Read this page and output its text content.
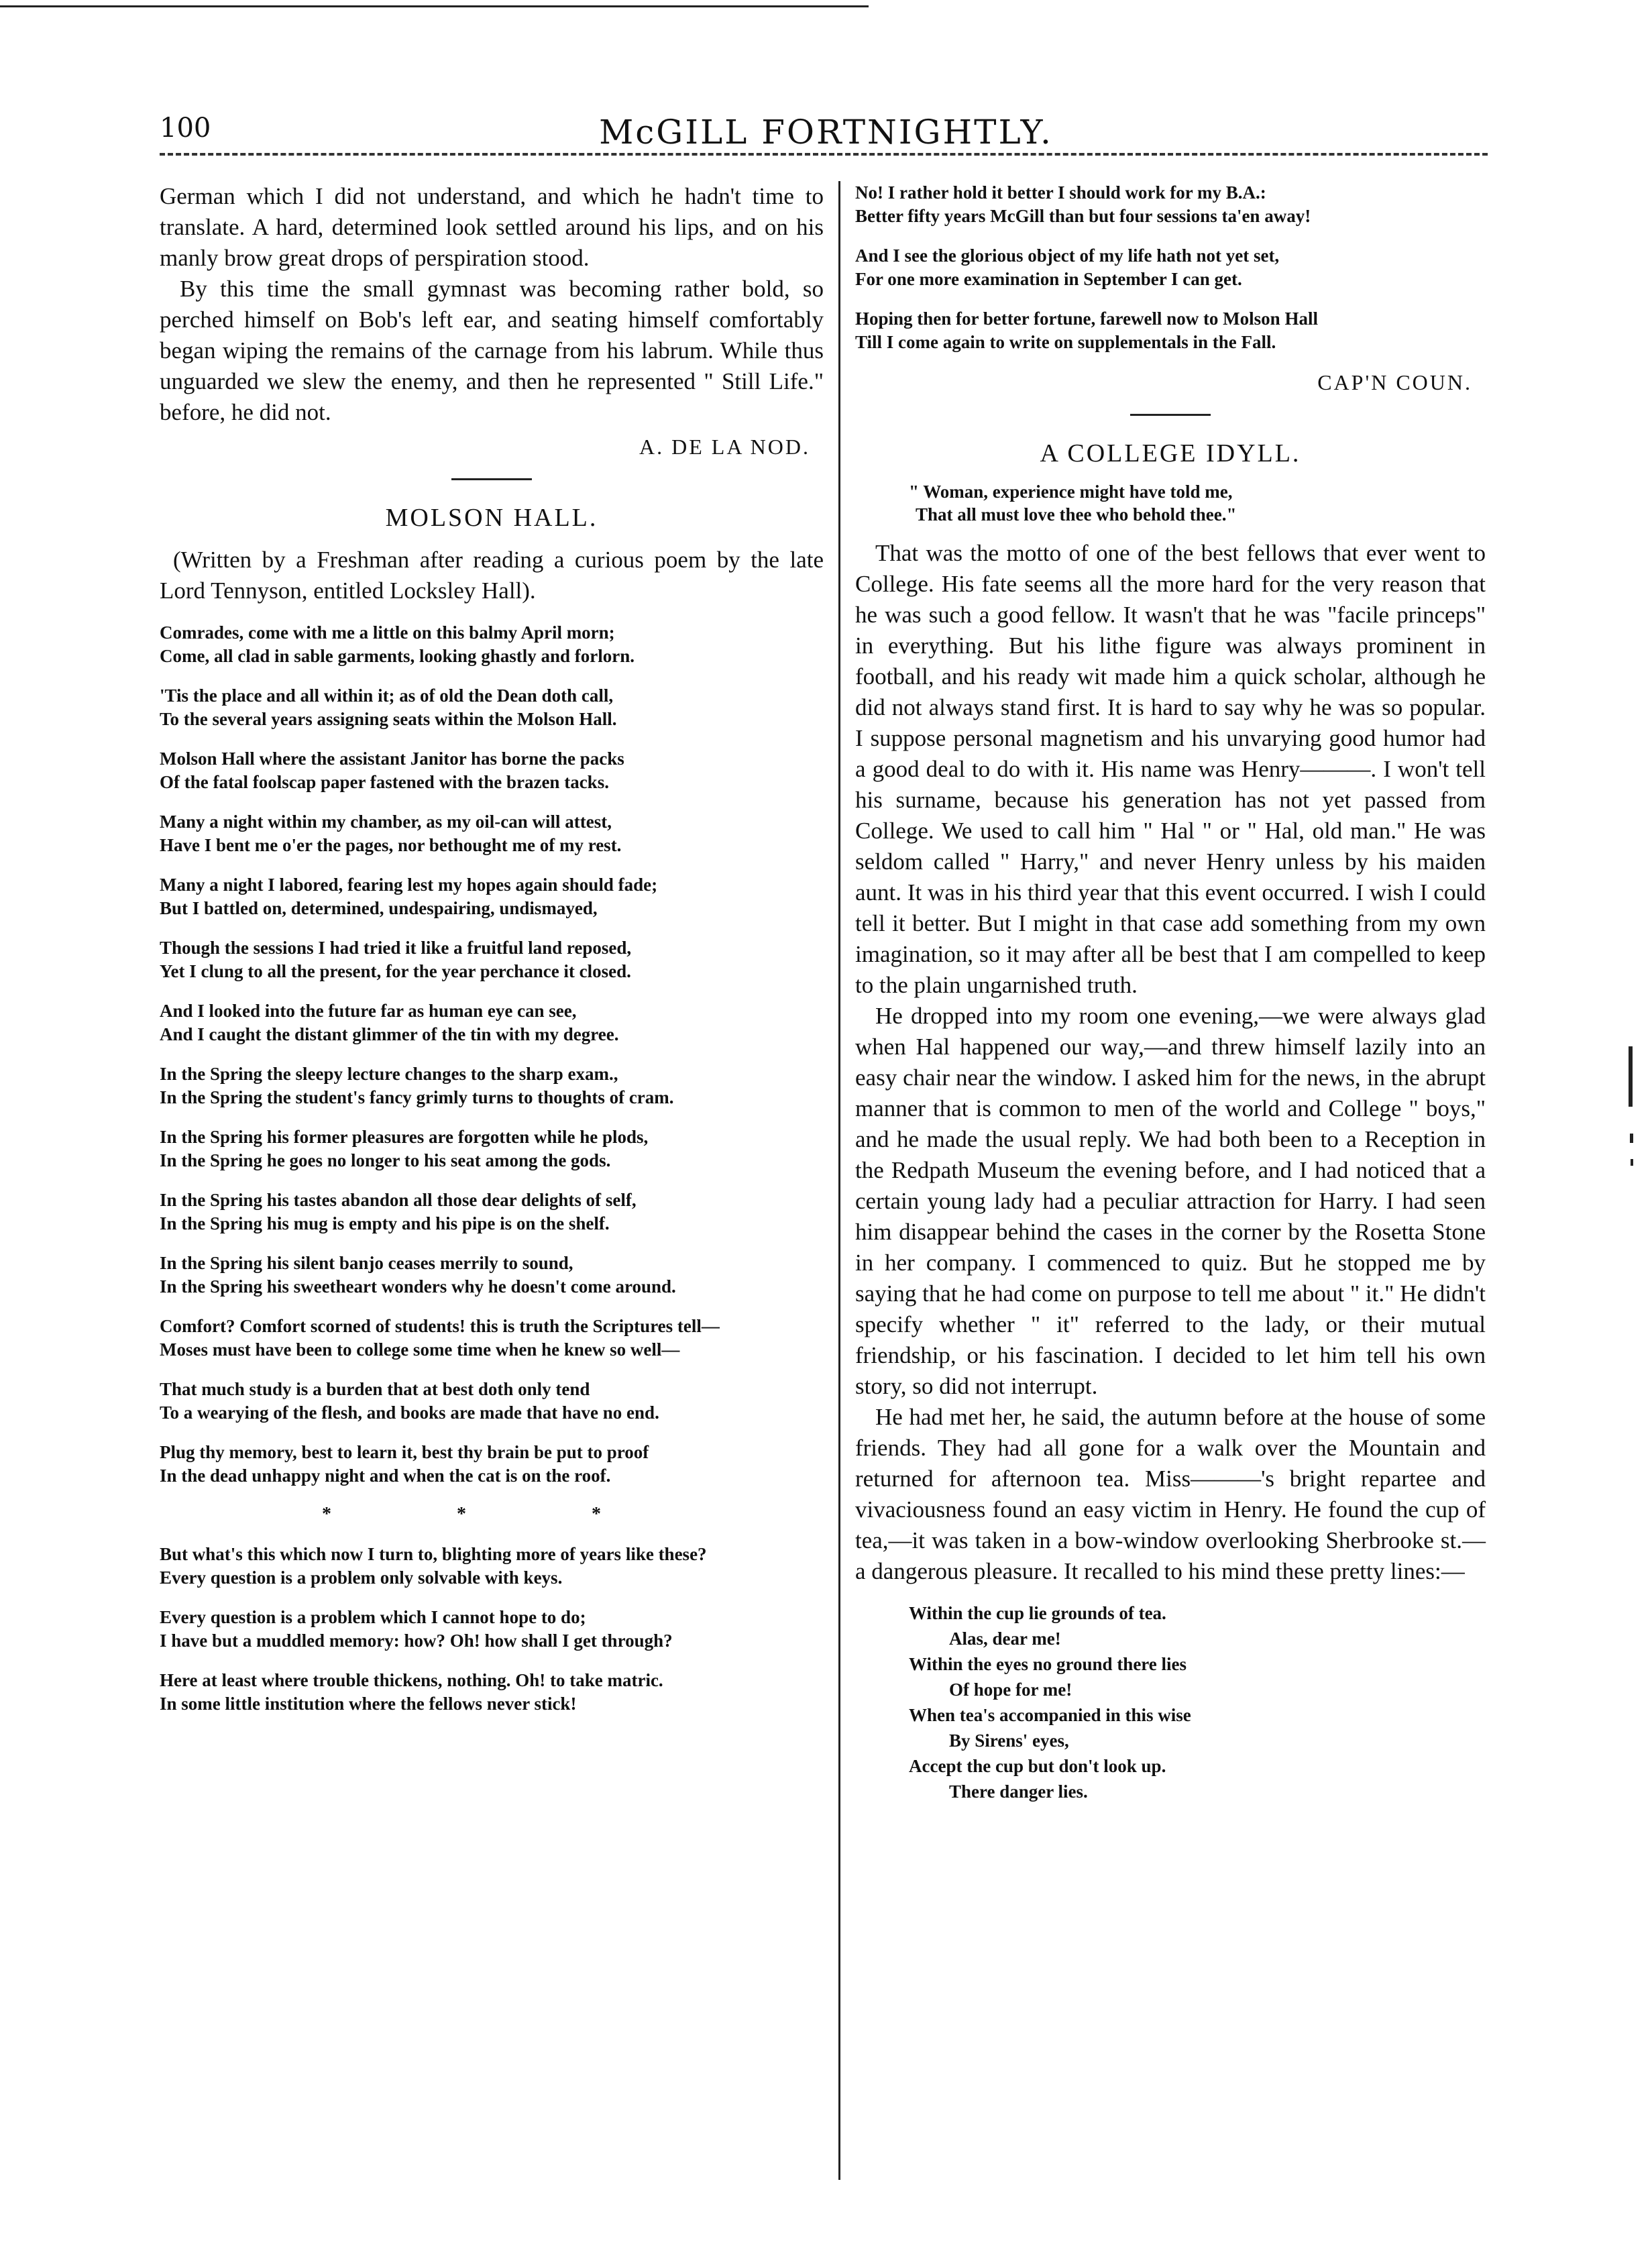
McGILL FORTNIGHTLY.
100

German which I did not understand, and which he hadn't time to translate. A hard, determined look settled around his lips, and on his manly brow great drops of perspiration stood.

By this time the small gymnast was becoming rather bold, so perched himself on Bob's left ear, and seating himself comfortably began wiping the remains of the carnage from his labrum. While thus unguarded we slew the enemy, and then he represented " Still Life." before, he did not.

A. DE LA NOD.
MOLSON HALL.

(Written by a Freshman after reading a curious poem by the late Lord Tennyson, entitled Locksley Hall).

Comrades, come with me a little on this balmy April morn;
Come, all clad in sable garments, looking ghastly and forlorn.
'Tis the place and all within it; as of old the Dean doth call,
To the several years assigning seats within the Molson Hall.
Molson Hall where the assistant Janitor has borne the packs
Of the fatal foolscap paper fastened with the brazen tacks.
Many a night within my chamber, as my oil-can will attest,
Have I bent me o'er the pages, nor bethought me of my rest.
Many a night I labored, fearing lest my hopes again should fade;
But I battled on, determined, undespairing, undismayed,
Though the sessions I had tried it like a fruitful land reposed,
Yet I clung to all the present, for the year perchance it closed.
And I looked into the future far as human eye can see,
And I caught the distant glimmer of the tin with my degree.
In the Spring the sleepy lecture changes to the sharp exam.,
In the Spring the student's fancy grimly turns to thoughts of cram.
In the Spring his former pleasures are forgotten while he plods,
In the Spring he goes no longer to his seat among the gods.
In the Spring his tastes abandon all those dear delights of self,
In the Spring his mug is empty and his pipe is on the shelf.
In the Spring his silent banjo ceases merrily to sound,
In the Spring his sweetheart wonders why he doesn't come around.
Comfort? Comfort scorned of students! this is truth the Scriptures tell—
Moses must have been to college some time when he knew so well—
That much study is a burden that at best doth only tend
To a wearying of the flesh, and books are made that have no end.
Plug thy memory, best to learn it, best thy brain be put to proof
In the dead unhappy night and when the cat is on the roof.
* * *
But what's this which now I turn to, blighting more of years like these?
Every question is a problem only solvable with keys.
Every question is a problem which I cannot hope to do;
I have but a muddled memory: how? Oh! how shall I get through?
Here at least where trouble thickens, nothing. Oh! to take matric.
In some little institution where the fellows never stick!
No! I rather hold it better I should work for my B.A.:
Better fifty years McGill than but four sessions ta'en away!
And I see the glorious object of my life hath not yet set,
For one more examination in September I can get.
Hoping then for better fortune, farewell now to Molson Hall
Till I come again to write on supplementals in the Fall.
CAP'N COUN.
A COLLEGE IDYLL.
" Woman, experience might have told me,
That all must love thee who behold thee."

That was the motto of one of the best fellows that ever went to College. His fate seems all the more hard for the very reason that he was such a good fellow. It wasn't that he was "facile princeps" in everything. But his lithe figure was always prominent in football, and his ready wit made him a quick scholar, although he did not always stand first. It is hard to say why he was so popular. I suppose personal magnetism and his unvarying good humor had a good deal to do with it. His name was Henry———. I won't tell his surname, because his generation has not yet passed from College. We used to call him " Hal " or " Hal, old man." He was seldom called " Harry," and never Henry unless by his maiden aunt. It was in his third year that this event occurred. I wish I could tell it better. But I might in that case add something from my own imagination, so it may after all be best that I am compelled to keep to the plain ungarnished truth.

He dropped into my room one evening,—we were always glad when Hal happened our way,—and threw himself lazily into an easy chair near the window. I asked him for the news, in the abrupt manner that is common to men of the world and College " boys," and he made the usual reply. We had both been to a Reception in the Redpath Museum the evening before, and I had noticed that a certain young lady had a peculiar attraction for Harry. I had seen him disappear behind the cases in the corner by the Rosetta Stone in her company. I commenced to quiz. But he stopped me by saying that he had come on purpose to tell me about " it." He didn't specify whether " it" referred to the lady, or their mutual friendship, or his fascination. I decided to let him tell his own story, so did not interrupt.

He had met her, he said, the autumn before at the house of some friends. They had all gone for a walk over the Mountain and returned for afternoon tea. Miss———'s bright repartee and vivaciousness found an easy victim in Henry. He found the cup of tea,—it was taken in a bow-window overlooking Sherbrooke st.—a dangerous pleasure. It recalled to his mind these pretty lines:—

Within the cup lie grounds of tea.
Alas, dear me!
Within the eyes no ground there lies
Of hope for me!
When tea's accompanied in this wise
By Sirens' eyes,
Accept the cup but don't look up.
There danger lies.
